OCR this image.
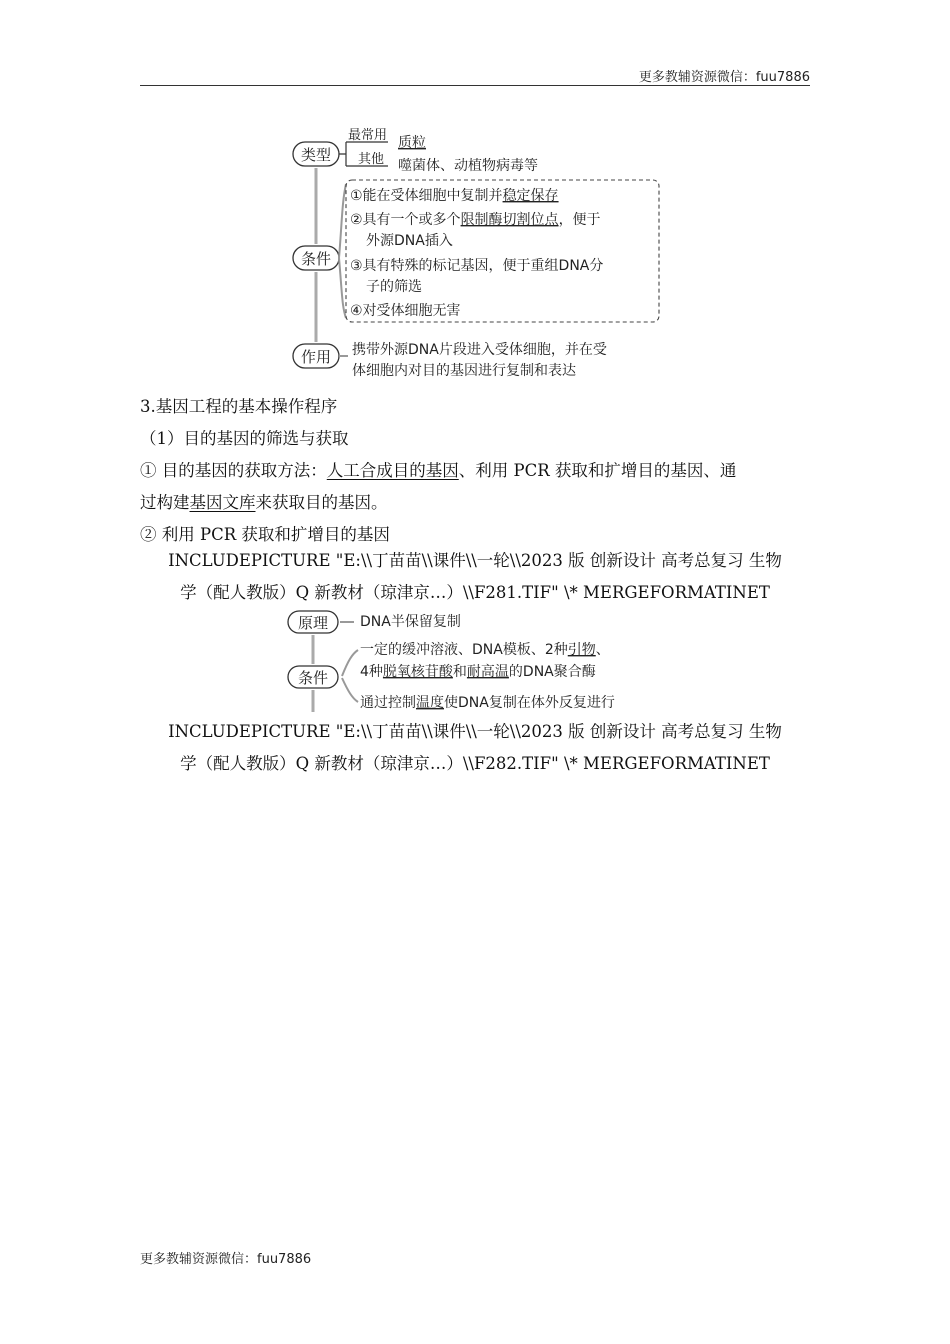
更多教辅资源微信：fuu7886
类型
最常用
其他
质粒
噬菌体、动植物病毒等
条件
①能在受体细胞中复制并稳定保存
②具有一个或多个限制酶切割位点，便于
外源DNA插入
③具有特殊的标记基因，便于重组DNA分
子的筛选
④对受体细胞无害
作用 携带外源DNA片段进入受体细胞，并在受
体细胞内对目的基因进行复制和表达
3.基因工程的基本操作程序
（1）目的基因的筛选与获取
① 目的基因的获取方法：人工合成目的基因、利用 PCR 获取和扩增目的基因、通
过构建基因文库来获取目的基因。
② 利用 PCR 获取和扩增目的基因
INCLUDEPICTURE "E:\\丁苗苗\\课件\\一轮\\2023 版 创新设计 高考总复习 生物
学（配人教版）Q 新教材（琼津京…）\\F281.TIF" \* MERGEFORMATINET
原理 DNA半保留复制
条件
一定的缓冲溶液、DNA模板、2种引物、
4种脱氧核苷酸和耐高温的DNA聚合酶
通过控制温度使DNA复制在体外反复进行
INCLUDEPICTURE "E:\\丁苗苗\\课件\\一轮\\2023 版 创新设计 高考总复习 生物
学（配人教版）Q 新教材（琼津京…）\\F282.TIF" \* MERGEFORMATINET
更多教辅资源微信：fuu7886
